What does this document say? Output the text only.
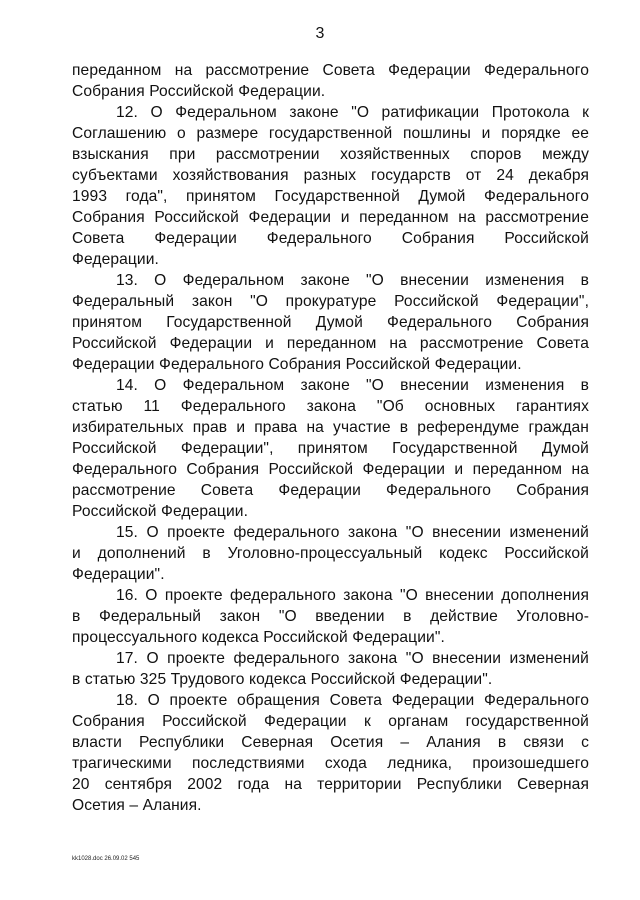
3
переданном на рассмотрение Совета Федерации Федерального
Собрания Российской Федерации.
12. О Федеральном законе "О ратификации Протокола к
Соглашению о размере государственной пошлины и порядке ее
взыскания при рассмотрении хозяйственных споров между
субъектами хозяйствования разных государств от 24 декабря
1993 года", принятом Государственной Думой Федерального
Собрания Российской Федерации и переданном на рассмотрение
Совета Федерации Федерального Собрания Российской
Федерации.
13. О Федеральном законе "О внесении изменения в
Федеральный закон "О прокуратуре Российской Федерации",
принятом Государственной Думой Федерального Собрания
Российской Федерации и переданном на рассмотрение Совета
Федерации Федерального Собрания Российской Федерации.
14. О Федеральном законе "О внесении изменения в
статью 11 Федерального закона "Об основных гарантиях
избирательных прав и права на участие в референдуме граждан
Российской Федерации", принятом Государственной Думой
Федерального Собрания Российской Федерации и переданном на
рассмотрение Совета Федерации Федерального Собрания
Российской Федерации.
15. О проекте федерального закона "О внесении изменений
и дополнений в Уголовно-процессуальный кодекс Российской
Федерации".
16. О проекте федерального закона "О внесении дополнения
в Федеральный закон "О введении в действие Уголовно-
процессуального кодекса Российской Федерации".
17. О проекте федерального закона "О внесении изменений
в статью 325 Трудового кодекса Российской Федерации".
18. О проекте обращения Совета Федерации Федерального
Собрания Российской Федерации к органам государственной
власти Республики Северная Осетия – Алания в связи с
трагическими последствиями схода ледника, произошедшего
20 сентября 2002 года на территории Республики Северная
Осетия – Алания.
kk1028.doc 26.09.02 545
